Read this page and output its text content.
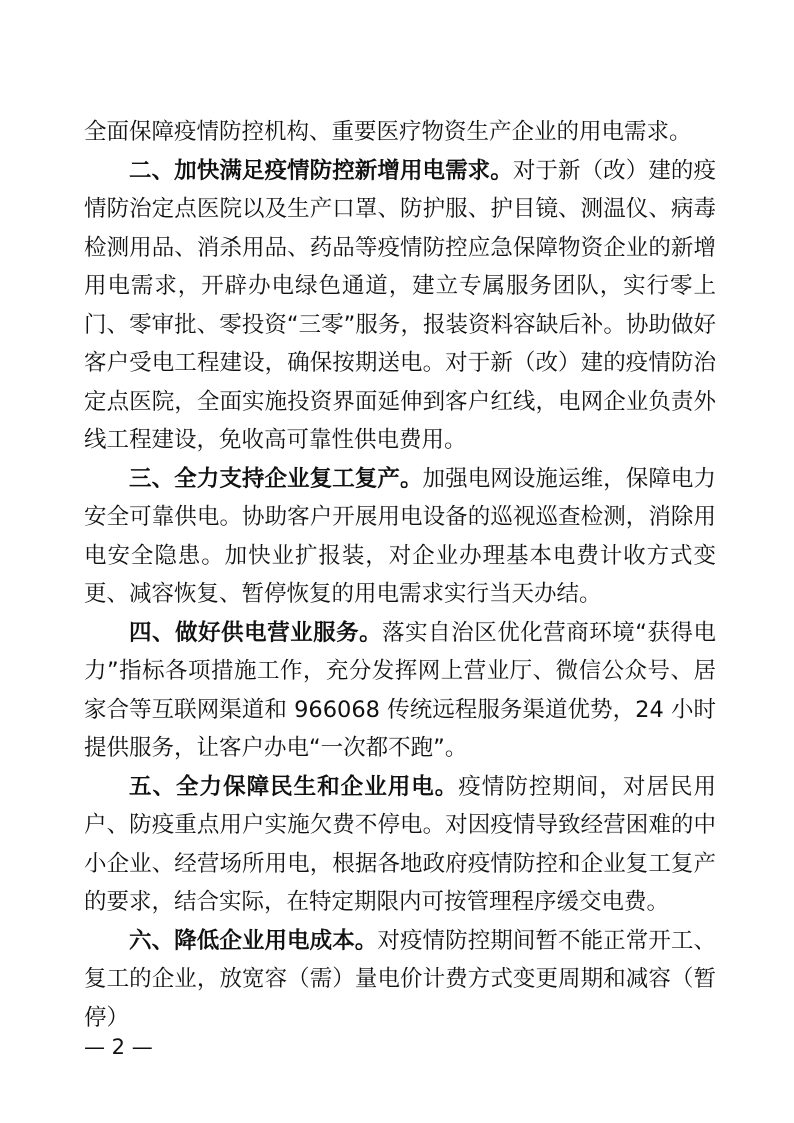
全面保障疫情防控机构、重要医疗物资生产企业的用电需求。

二、加快满足疫情防控新增用电需求。对于新（改）建的疫情防治定点医院以及生产口罩、防护服、护目镜、测温仪、病毒检测用品、消杀用品、药品等疫情防控应急保障物资企业的新增用电需求，开辟办电绿色通道，建立专属服务团队，实行零上门、零审批、零投资“三零”服务，报装资料容缺后补。协助做好客户受电工程建设，确保按期送电。对于新（改）建的疫情防治定点医院，全面实施投资界面延伸到客户红线，电网企业负责外线工程建设，免收高可靠性供电费用。

三、全力支持企业复工复产。加强电网设施运维，保障电力安全可靠供电。协助客户开展用电设备的巡视巡查检测，消除用电安全隐患。加快业扩报装，对企业办理基本电费计收方式变更、减容恢复、暂停恢复的用电需求实行当天办结。

四、做好供电营业服务。落实自治区优化营商环境“获得电力”指标各项措施工作，充分发挥网上营业厅、微信公众号、居家合等互联网渠道和 966068 传统远程服务渠道优势，24 小时提供服务，让客户办电“一次都不跑”。

五、全力保障民生和企业用电。疫情防控期间，对居民用户、防疫重点用户实施欠费不停电。对因疫情导致经营困难的中小企业、经营场所用电，根据各地政府疫情防控和企业复工复产的要求，结合实际，在特定期限内可按管理程序缓交电费。

六、降低企业用电成本。对疫情防控期间暂不能正常开工、复工的企业，放宽容（需）量电价计费方式变更周期和减容（暂停）

— 2 —
